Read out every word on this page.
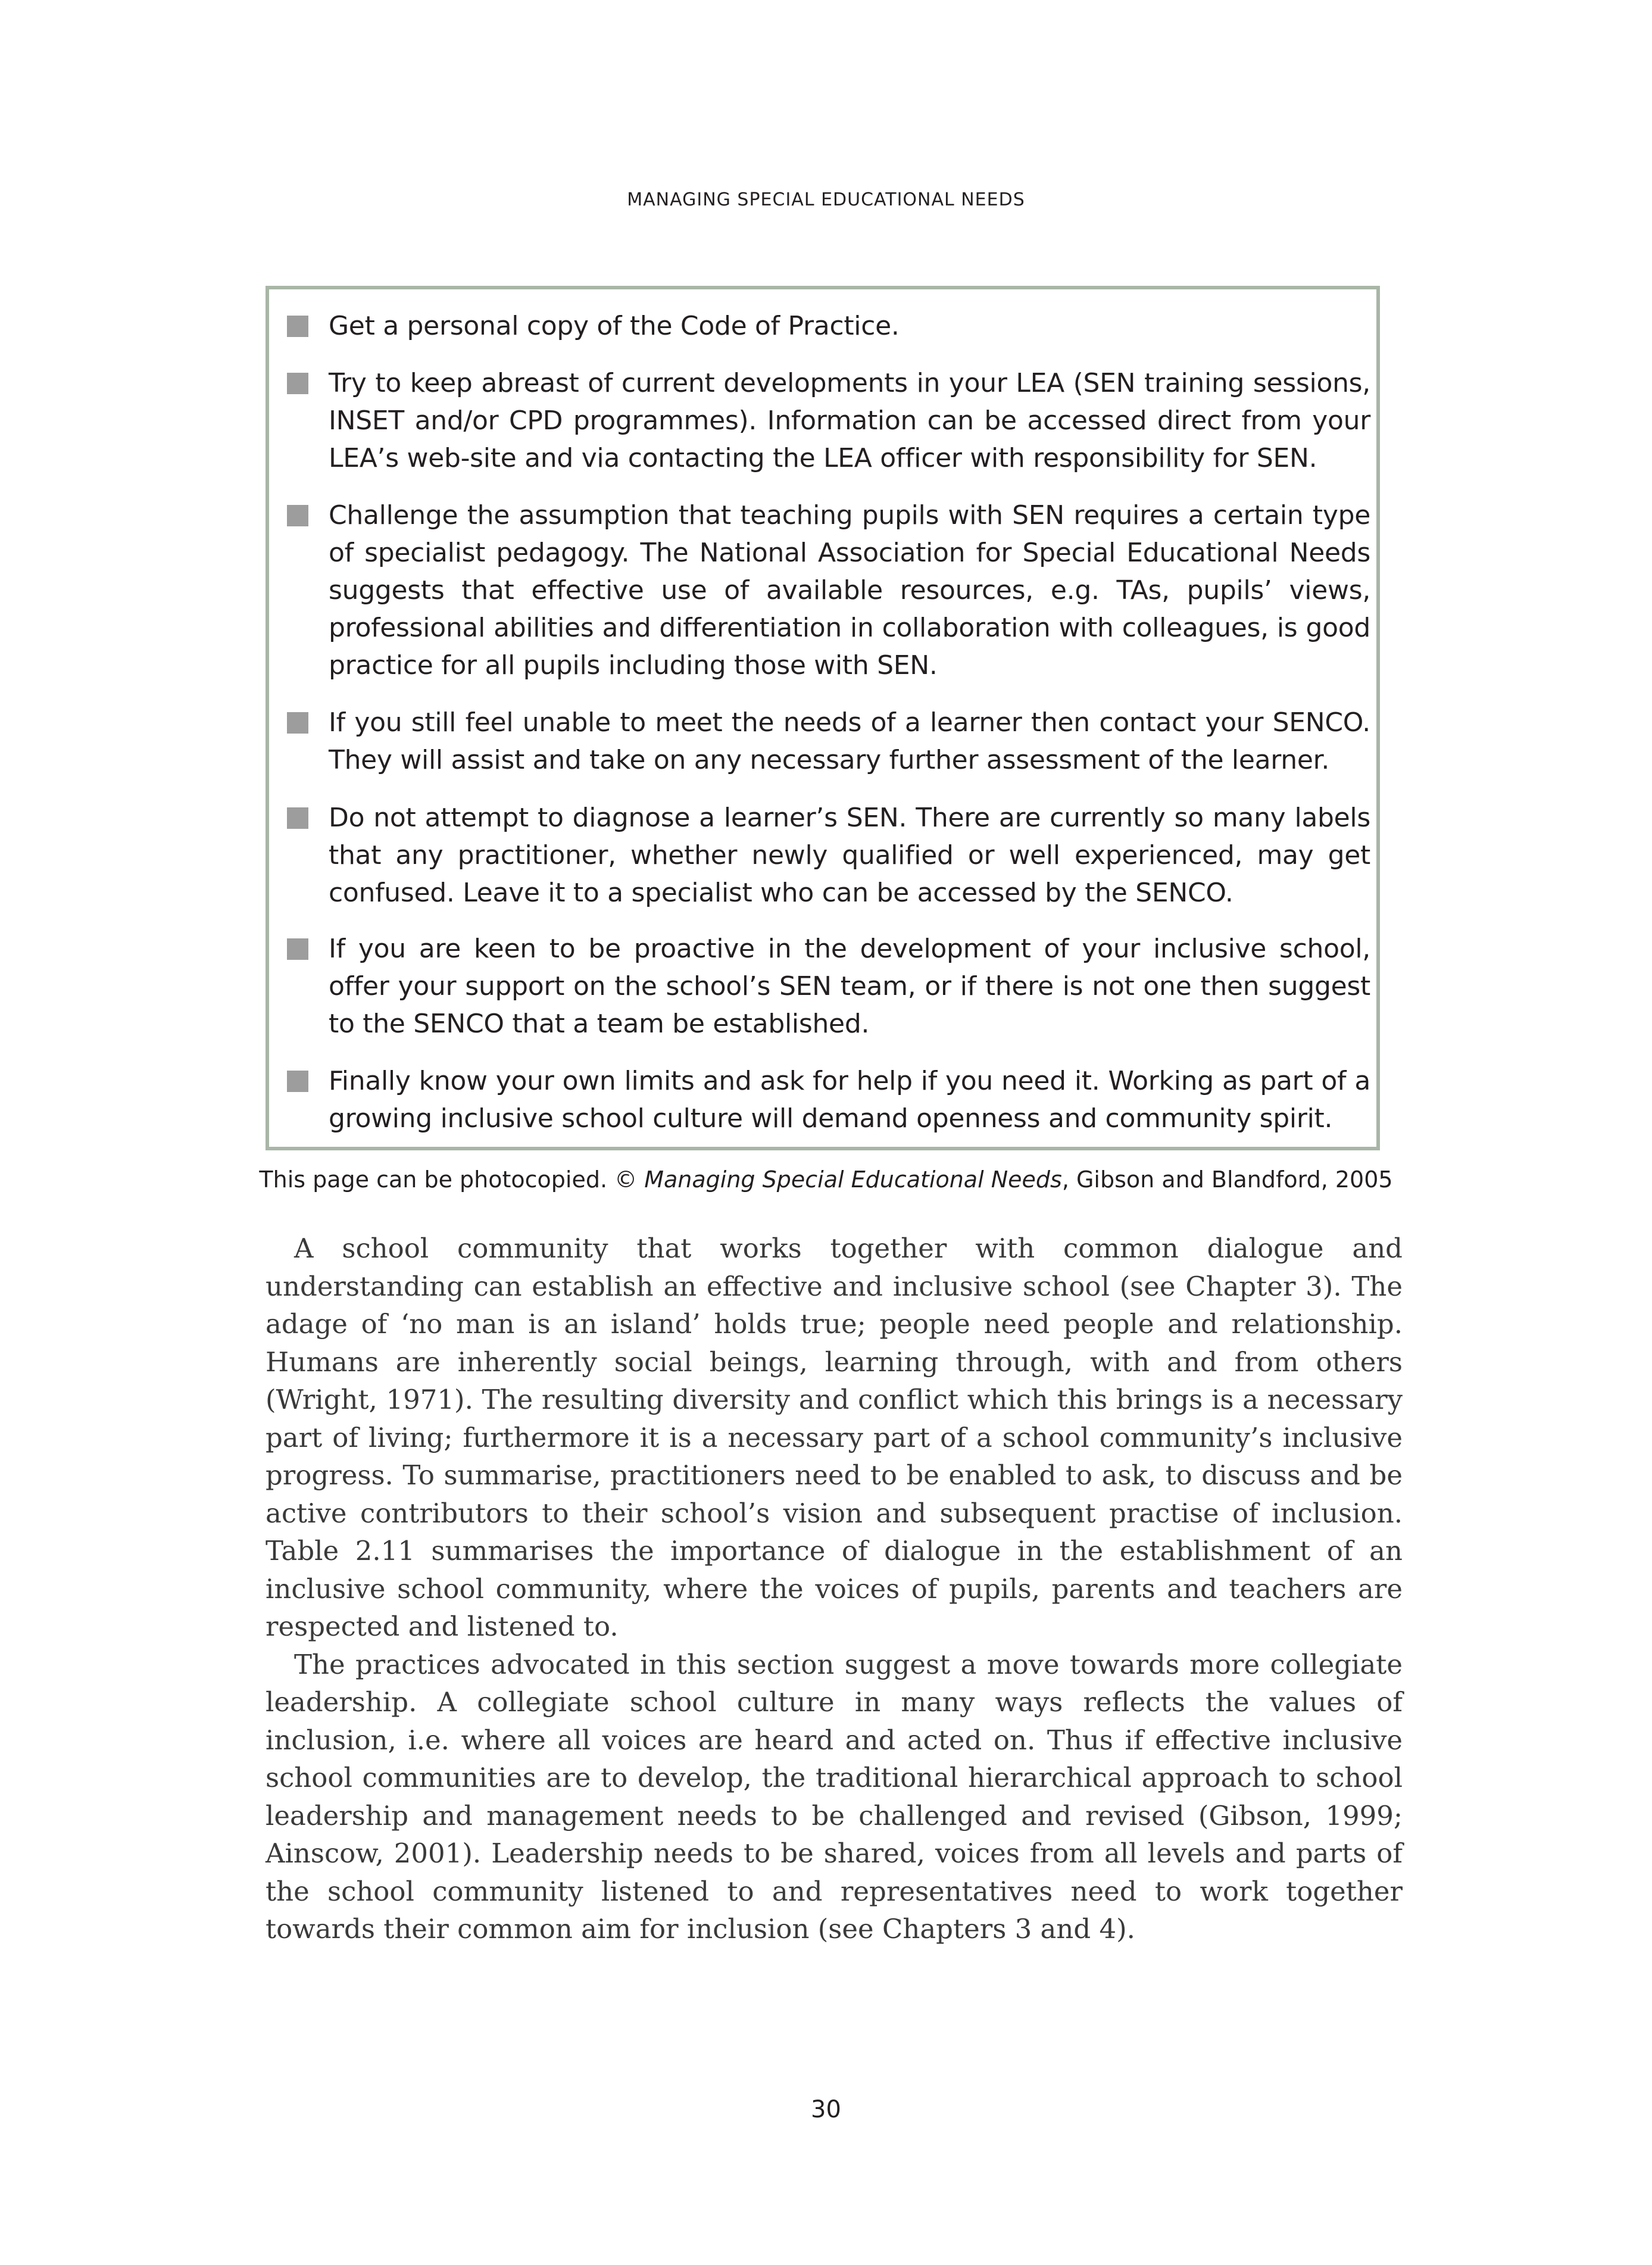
MANAGING SPECIAL EDUCATIONAL NEEDS
Get a personal copy of the Code of Practice.
Try to keep abreast of current developments in your LEA (SEN training sessions, INSET and/or CPD programmes). Information can be accessed direct from your LEA’s web-site and via contacting the LEA officer with responsibility for SEN.
Challenge the assumption that teaching pupils with SEN requires a certain type of specialist pedagogy. The National Association for Special Educational Needs suggests that effective use of available resources, e.g. TAs, pupils’ views, professional abilities and differentiation in collaboration with colleagues, is good practice for all pupils including those with SEN.
If you still feel unable to meet the needs of a learner then contact your SENCO. They will assist and take on any necessary further assessment of the learner.
Do not attempt to diagnose a learner’s SEN. There are currently so many labels that any practitioner, whether newly qualified or well experienced, may get confused. Leave it to a specialist who can be accessed by the SENCO.
If you are keen to be proactive in the development of your inclusive school, offer your support on the school’s SEN team, or if there is not one then suggest to the SENCO that a team be established.
Finally know your own limits and ask for help if you need it. Working as part of a growing inclusive school culture will demand openness and community spirit.
This page can be photocopied. © Managing Special Educational Needs, Gibson and Blandford, 2005

A school community that works together with common dialogue and understanding can establish an effective and inclusive school (see Chapter 3). The adage of ‘no man is an island’ holds true; people need people and relationship. Humans are inherently social beings, learning through, with and from others (Wright, 1971). The resulting diversity and conflict which this brings is a necessary part of living; furthermore it is a necessary part of a school community’s inclusive progress. To summarise, practitioners need to be enabled to ask, to discuss and be active contributors to their school’s vision and subsequent practise of inclusion. Table 2.11 summarises the importance of dialogue in the establishment of an inclusive school community, where the voices of pupils, parents and teachers are respected and listened to.

The practices advocated in this section suggest a move towards more collegiate leadership. A collegiate school culture in many ways reflects the values of inclusion, i.e. where all voices are heard and acted on. Thus if effective inclusive school communities are to develop, the traditional hierarchical approach to school leadership and management needs to be challenged and revised (Gibson, 1999; Ainscow, 2001). Leadership needs to be shared, voices from all levels and parts of the school community listened to and representatives need to work together towards their common aim for inclusion (see Chapters 3 and 4).

30
